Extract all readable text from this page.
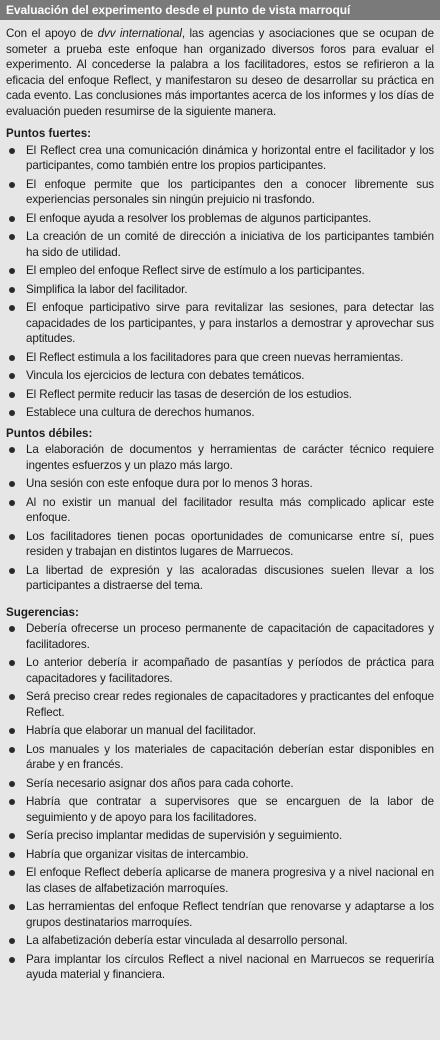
Evaluación del experimento desde el punto de vista marroquí

Con el apoyo de dvv international, las agencias y asociaciones que se ocupan de someter a prueba este enfoque han organizado diversos foros para evaluar el experimento. Al concederse la palabra a los facilitadores, estos se refirieron a la eficacia del enfoque Reflect, y manifestaron su deseo de desarrollar su práctica en cada evento. Las conclusiones más importantes acerca de los informes y los días de evaluación pueden resumirse de la siguiente manera.

Puntos fuertes:
El Reflect crea una comunicación dinámica y horizontal entre el facilitador y los participantes, como también entre los propios participantes.
El enfoque permite que los participantes den a conocer libremente sus experiencias personales sin ningún prejuicio ni trasfondo.
El enfoque ayuda a resolver los problemas de algunos participantes.
La creación de un comité de dirección a iniciativa de los participantes también ha sido de utilidad.
El empleo del enfoque Reflect sirve de estímulo a los participantes.
Simplifica la labor del facilitador.
El enfoque participativo sirve para revitalizar las sesiones, para detectar las capacidades de los participantes, y para instarlos a demostrar y aprovechar sus aptitudes.
El Reflect estimula a los facilitadores para que creen nuevas herramientas.
Vincula los ejercicios de lectura con debates temáticos.
El Reflect permite reducir las tasas de deserción de los estudios.
Establece una cultura de derechos humanos.
Puntos débiles:
La elaboración de documentos y herramientas de carácter técnico requiere ingentes esfuerzos y un plazo más largo.
Una sesión con este enfoque dura por lo menos 3 horas.
Al no existir un manual del facilitador resulta más complicado aplicar este enfoque.
Los facilitadores tienen pocas oportunidades de comunicarse entre sí, pues residen y trabajan en distintos lugares de Marruecos.
La libertad de expresión y las acaloradas discusiones suelen llevar a los participantes a distraerse del tema.
Sugerencias:
Debería ofrecerse un proceso permanente de capacitación de capacitadores y facilitadores.
Lo anterior debería ir acompañado de pasantías y períodos de práctica para capacitadores y facilitadores.
Será preciso crear redes regionales de capacitadores y practicantes del enfoque Reflect.
Habría que elaborar un manual del facilitador.
Los manuales y los materiales de capacitación deberían estar disponibles en árabe y en francés.
Sería necesario asignar dos años para cada cohorte.
Habría que contratar a supervisores que se encarguen de la labor de seguimiento y de apoyo para los facilitadores.
Sería preciso implantar medidas de supervisión y seguimiento.
Habría que organizar visitas de intercambio.
El enfoque Reflect debería aplicarse de manera progresiva y a nivel nacional en las clases de alfabetización marroquíes.
Las herramientas del enfoque Reflect tendrían que renovarse y adaptarse a los grupos destinatarios marroquíes.
La alfabetización debería estar vinculada al desarrollo personal.
Para implantar los círculos Reflect a nivel nacional en Marruecos se requeriría ayuda material y financiera.
